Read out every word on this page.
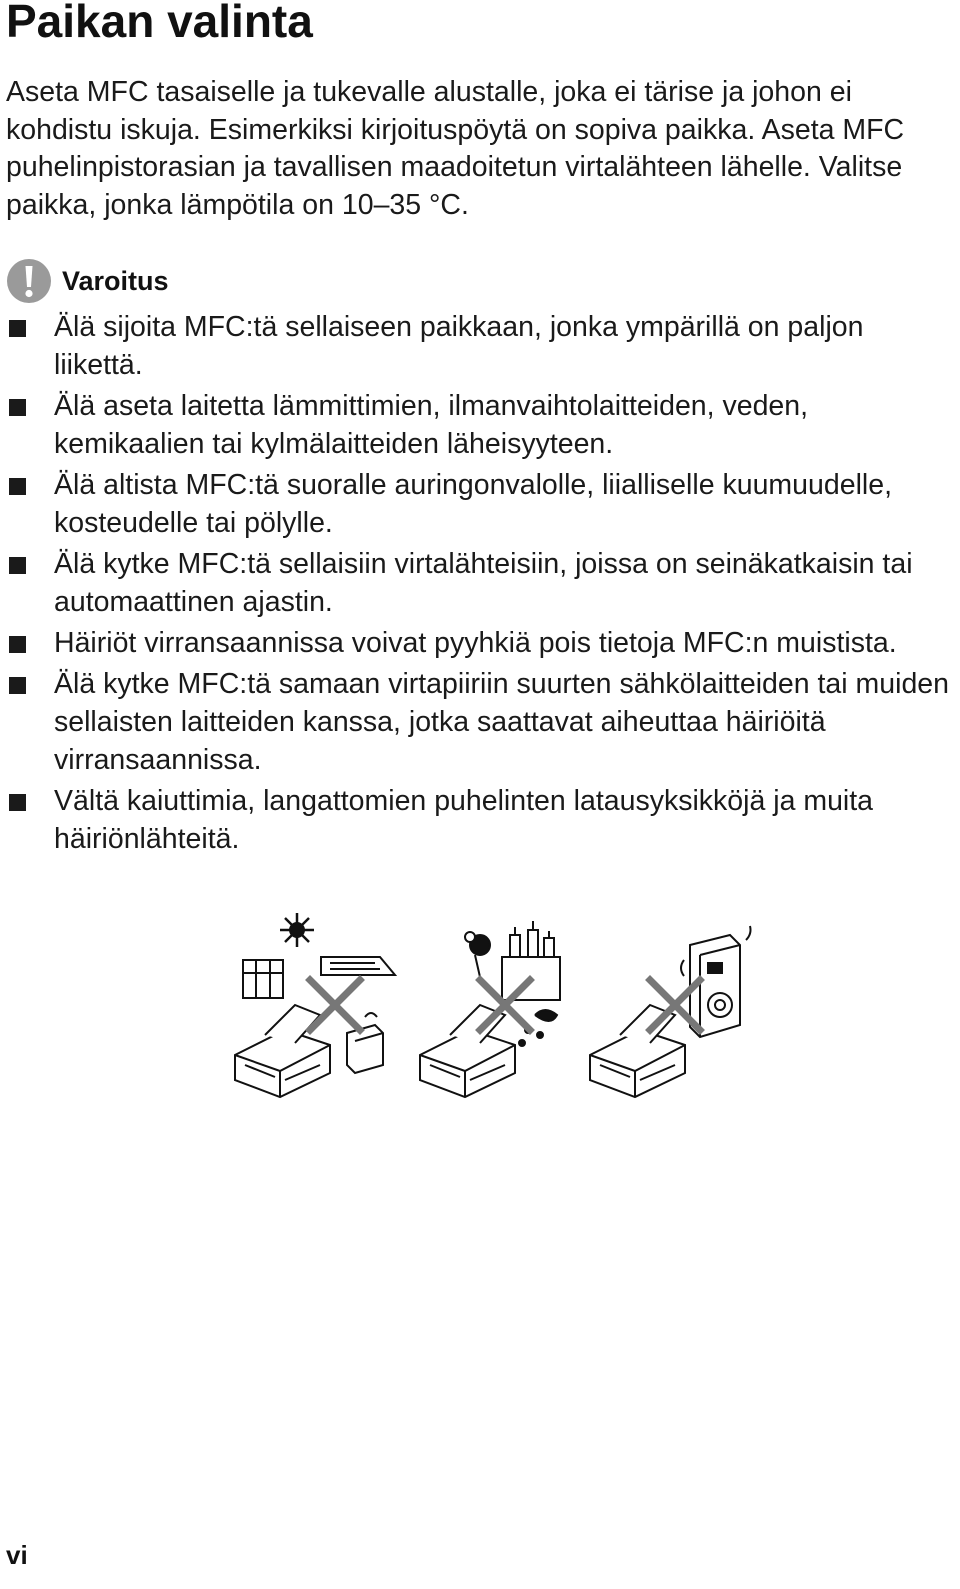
Paikan valinta

Aseta MFC tasaiselle ja tukevalle alustalle, joka ei tärise ja johon ei kohdistu iskuja. Esimerkiksi kirjoituspöytä on sopiva paikka. Aseta MFC puhelinpistorasian ja tavallisen maadoitetun virtalähteen lähelle. Valitse paikka, jonka lämpötila on 10–35 °C.

Varoitus
Älä sijoita MFC:tä sellaiseen paikkaan, jonka ympärillä on paljon liikettä.
Älä aseta laitetta lämmittimien, ilmanvaihtolaitteiden, veden, kemikaalien tai kylmälaitteiden läheisyyteen.
Älä altista MFC:tä suoralle auringonvalolle, liialliselle kuumuudelle, kosteudelle tai pölylle.
Älä kytke MFC:tä sellaisiin virtalähteisiin, joissa on seinäkatkaisin tai automaattinen ajastin.
Häiriöt virransaannissa voivat pyyhkiä pois tietoja MFC:n muistista.
Älä kytke MFC:tä samaan virtapiiriin suurten sähkölaitteiden tai muiden sellaisten laitteiden kanssa, jotka saattavat aiheuttaa häiriöitä virransaannissa.
Vältä kaiuttimia, langattomien puhelinten latausyksikköjä ja muita häiriönlähteitä.
vi
